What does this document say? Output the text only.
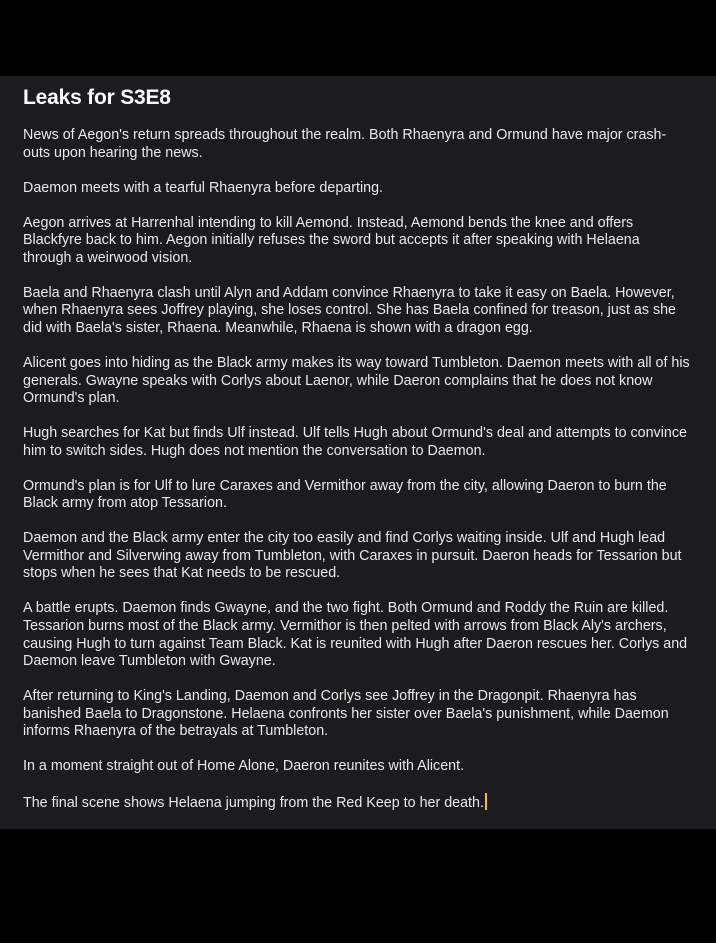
Leaks for S3E8

News of Aegon's return spreads throughout the realm. Both Rhaenyra and Ormund have major crash-outs upon hearing the news.

Daemon meets with a tearful Rhaenyra before departing.

Aegon arrives at Harrenhal intending to kill Aemond. Instead, Aemond bends the knee and offers Blackfyre back to him. Aegon initially refuses the sword but accepts it after speaking with Helaena through a weirwood vision.

Baela and Rhaenyra clash until Alyn and Addam convince Rhaenyra to take it easy on Baela. However, when Rhaenyra sees Joffrey playing, she loses control. She has Baela confined for treason, just as she did with Baela's sister, Rhaena. Meanwhile, Rhaena is shown with a dragon egg.

Alicent goes into hiding as the Black army makes its way toward Tumbleton. Daemon meets with all of his generals. Gwayne speaks with Corlys about Laenor, while Daeron complains that he does not know Ormund's plan.

Hugh searches for Kat but finds Ulf instead. Ulf tells Hugh about Ormund's deal and attempts to convince him to switch sides. Hugh does not mention the conversation to Daemon.

Ormund's plan is for Ulf to lure Caraxes and Vermithor away from the city, allowing Daeron to burn the Black army from atop Tessarion.

Daemon and the Black army enter the city too easily and find Corlys waiting inside. Ulf and Hugh lead Vermithor and Silverwing away from Tumbleton, with Caraxes in pursuit. Daeron heads for Tessarion but stops when he sees that Kat needs to be rescued.

A battle erupts. Daemon finds Gwayne, and the two fight. Both Ormund and Roddy the Ruin are killed. Tessarion burns most of the Black army. Vermithor is then pelted with arrows from Black Aly's archers, causing Hugh to turn against Team Black. Kat is reunited with Hugh after Daeron rescues her. Corlys and Daemon leave Tumbleton with Gwayne.

After returning to King's Landing, Daemon and Corlys see Joffrey in the Dragonpit. Rhaenyra has banished Baela to Dragonstone. Helaena confronts her sister over Baela's punishment, while Daemon informs Rhaenyra of the betrayals at Tumbleton.

In a moment straight out of Home Alone, Daeron reunites with Alicent.

The final scene shows Helaena jumping from the Red Keep to her death.
